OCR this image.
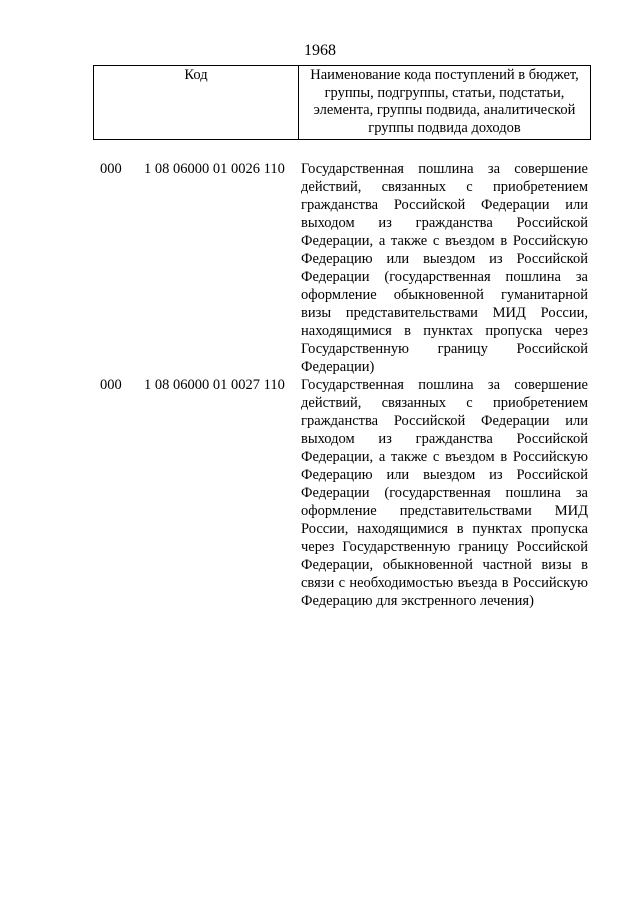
1968
Код	Наименование кода поступлений в бюджет, группы, подгруппы, статьи, подстатьи, элемента, группы подвида, аналитической группы подвида доходов
000 1 08 06000 01 0026 110 Государственная пошлина за совершение действий, связанных с приобретением гражданства Российской Федерации или выходом из гражданства Российской Федерации, а также с въездом в Российскую Федерацию или выездом из Российской Федерации (государственная пошлина за оформление обыкновенной гуманитарной визы представительствами МИД России, находящимися в пунктах пропуска через Государственную границу Российской Федерации)
000 1 08 06000 01 0027 110 Государственная пошлина за совершение действий, связанных с приобретением гражданства Российской Федерации или выходом из гражданства Российской Федерации, а также с въездом в Российскую Федерацию или выездом из Российской Федерации (государственная пошлина за оформление представительствами МИД России, находящимися в пунктах пропуска через Государственную границу Российской Федерации, обыкновенной частной визы в связи с необходимостью въезда в Российскую Федерацию для экстренного лечения)
